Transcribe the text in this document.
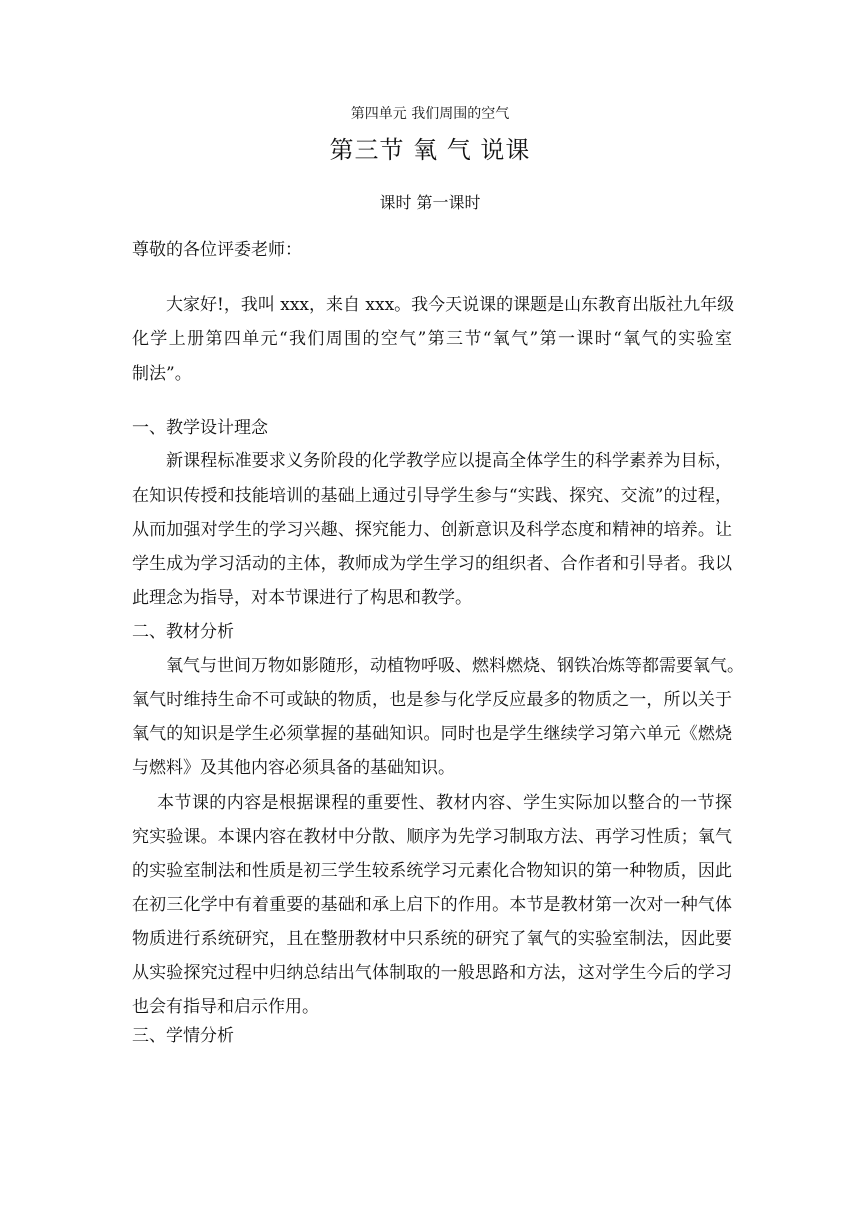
第四单元 我们周围的空气
第三节 氧 气 说课
课时 第一课时
尊敬的各位评委老师：
大家好!，我叫 xxx，来自 xxx。我今天说课的课题是山东教育出版社九年级
化学上册第四单元“我们周围的空气”第三节“氧气”第一课时“氧气的实验室
制法”。
一、教学设计理念
新课程标准要求义务阶段的化学教学应以提高全体学生的科学素养为目标，
在知识传授和技能培训的基础上通过引导学生参与“实践、探究、交流”的过程，
从而加强对学生的学习兴趣、探究能力、创新意识及科学态度和精神的培养。让
学生成为学习活动的主体，教师成为学生学习的组织者、合作者和引导者。我以
此理念为指导，对本节课进行了构思和教学。
二、教材分析
氧气与世间万物如影随形，动植物呼吸、燃料燃烧、钢铁冶炼等都需要氧气。
氧气时维持生命不可或缺的物质，也是参与化学反应最多的物质之一，所以关于
氧气的知识是学生必须掌握的基础知识。同时也是学生继续学习第六单元《燃烧
与燃料》及其他内容必须具备的基础知识。
本节课的内容是根据课程的重要性、教材内容、学生实际加以整合的一节探
究实验课。本课内容在教材中分散、顺序为先学习制取方法、再学习性质；氧气
的实验室制法和性质是初三学生较系统学习元素化合物知识的第一种物质，因此
在初三化学中有着重要的基础和承上启下的作用。本节是教材第一次对一种气体
物质进行系统研究，且在整册教材中只系统的研究了氧气的实验室制法，因此要
从实验探究过程中归纳总结出气体制取的一般思路和方法，这对学生今后的学习
也会有指导和启示作用。
三、学情分析
